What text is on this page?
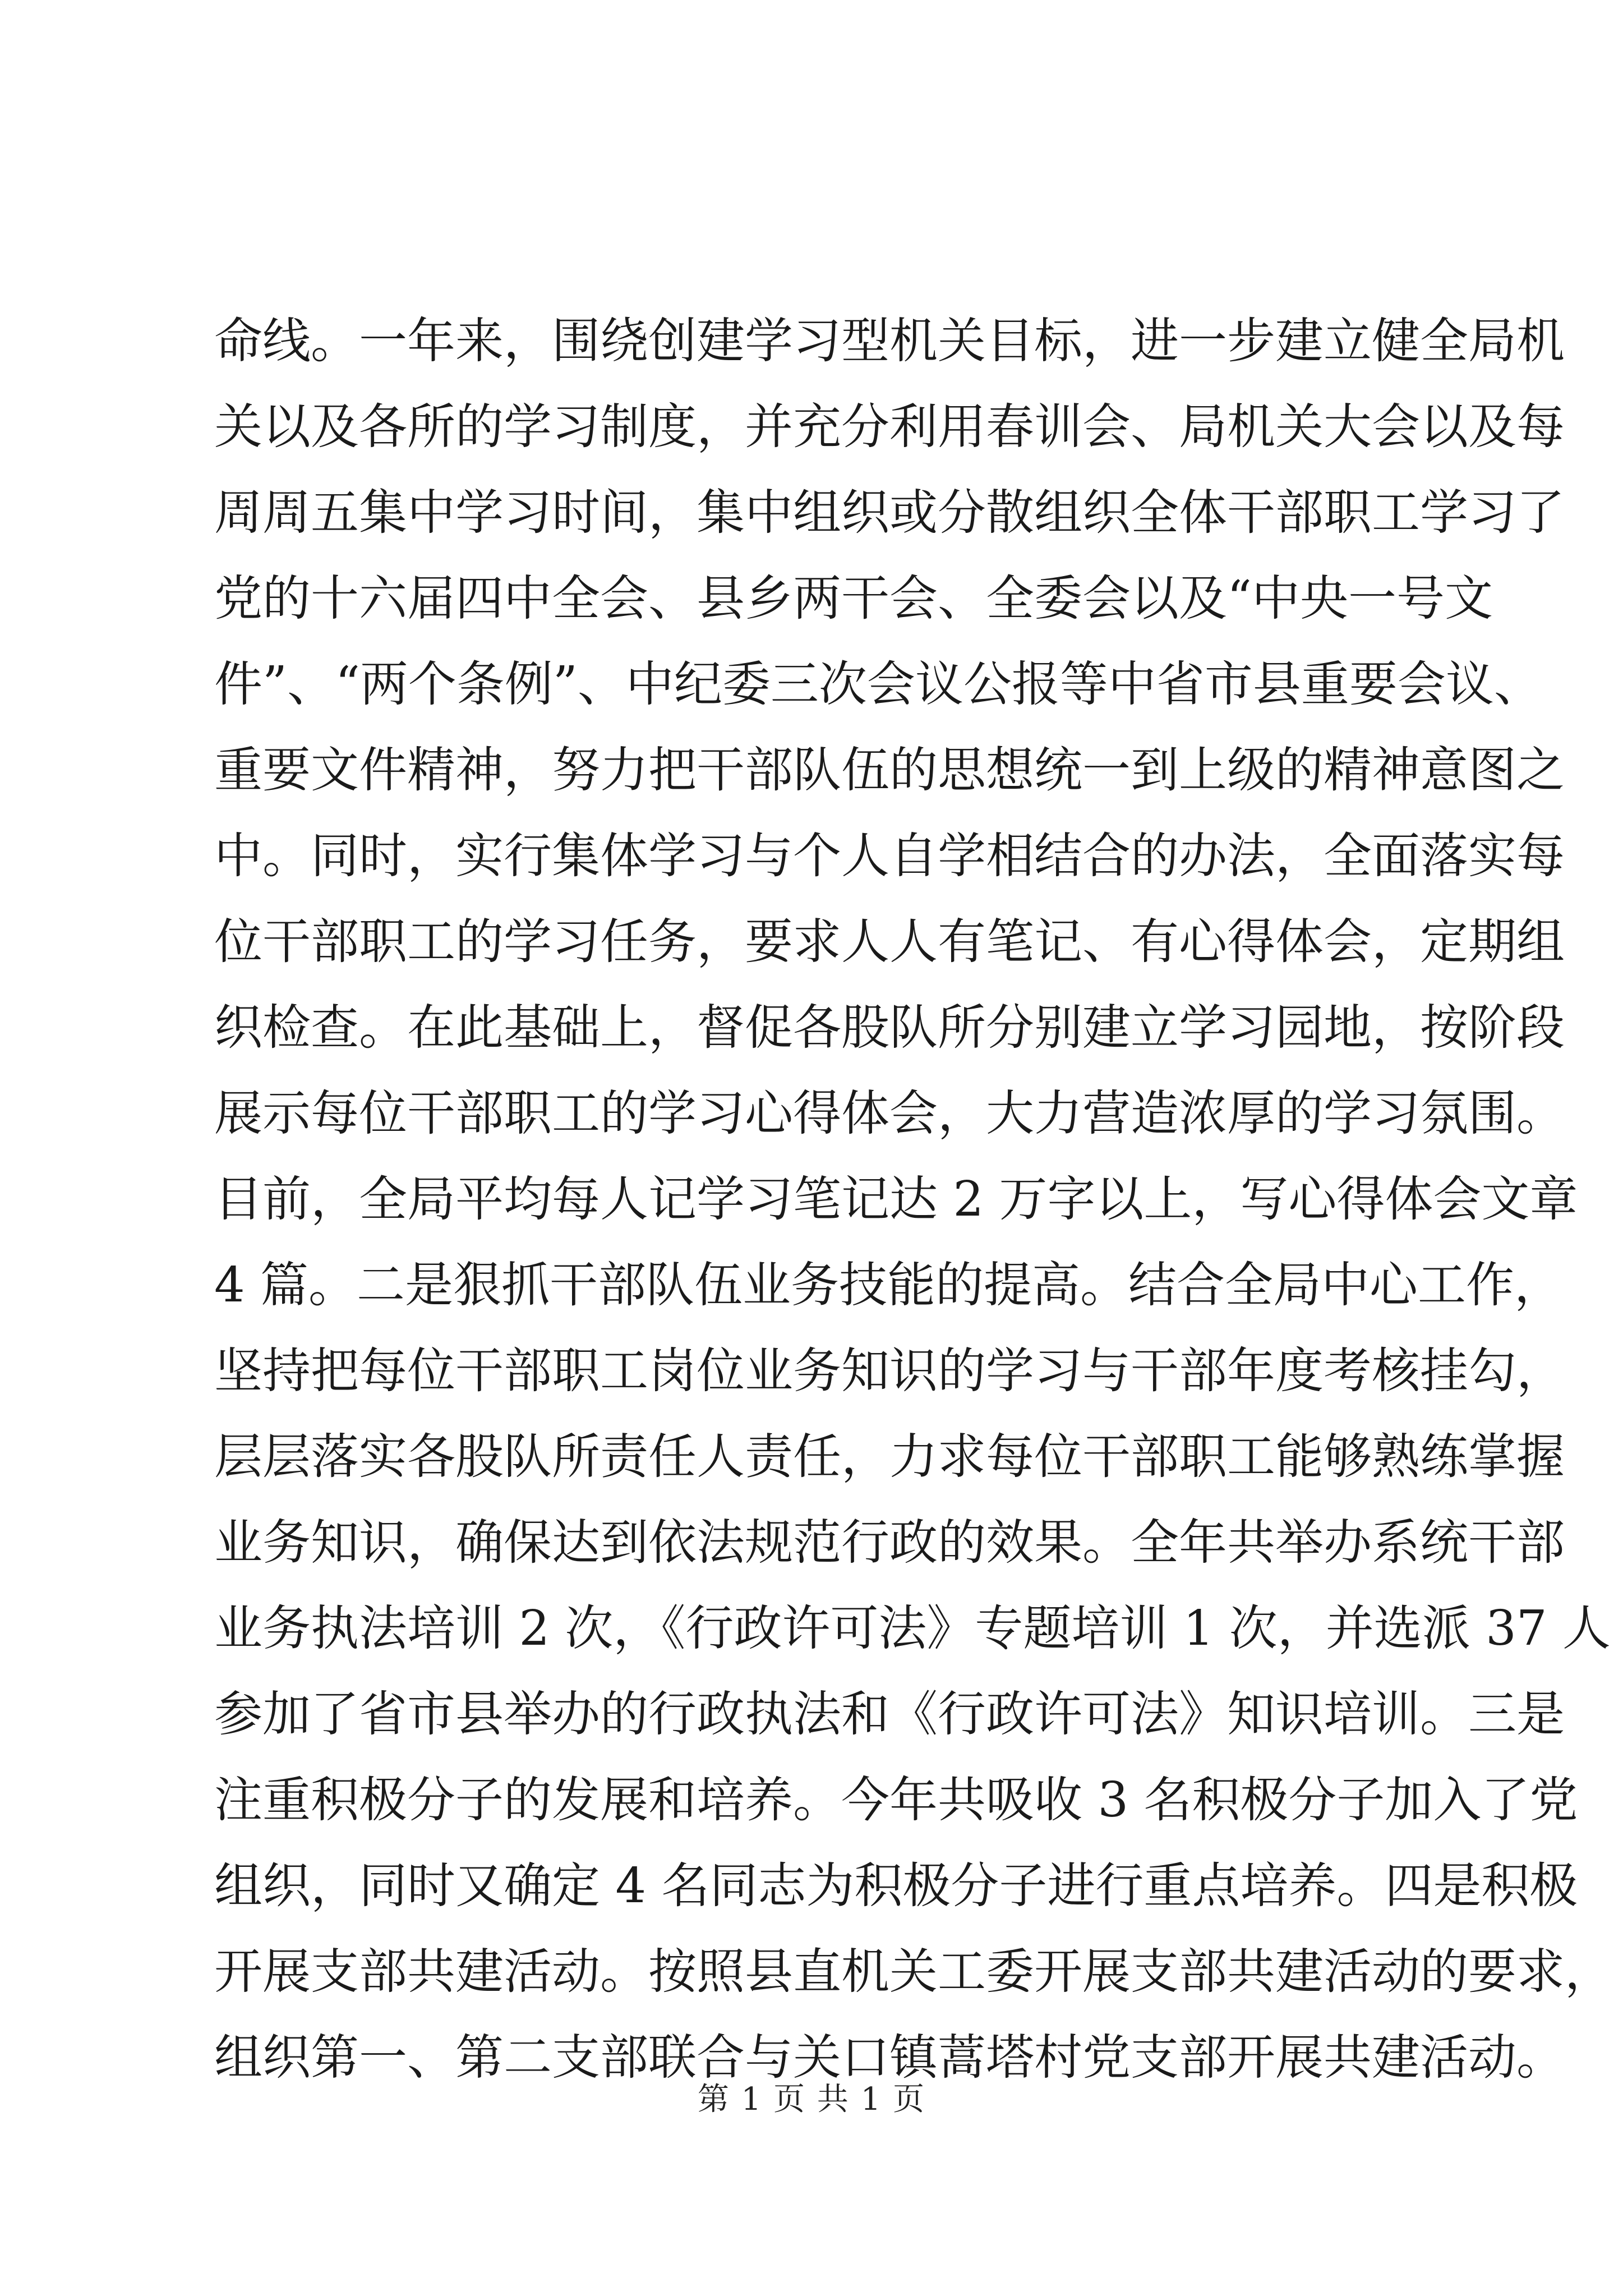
命线。一年来，围绕创建学习型机关目标，进一步建立健全局机
关以及各所的学习制度，并充分利用春训会、局机关大会以及每
周周五集中学习时间，集中组织或分散组织全体干部职工学习了
党的十六届四中全会、县乡两干会、全委会以及“中央一号文
件”、“两个条例”、中纪委三次会议公报等中省市县重要会议、
重要文件精神，努力把干部队伍的思想统一到上级的精神意图之
中。同时，实行集体学习与个人自学相结合的办法，全面落实每
位干部职工的学习任务，要求人人有笔记、有心得体会，定期组
织检查。在此基础上，督促各股队所分别建立学习园地，按阶段
展示每位干部职工的学习心得体会，大力营造浓厚的学习氛围。
目前，全局平均每人记学习笔记达 2 万字以上，写心得体会文章
4 篇。二是狠抓干部队伍业务技能的提高。结合全局中心工作，
坚持把每位干部职工岗位业务知识的学习与干部年度考核挂勾，
层层落实各股队所责任人责任，力求每位干部职工能够熟练掌握
业务知识，确保达到依法规范行政的效果。全年共举办系统干部
业务执法培训 2 次，《行政许可法》专题培训 1 次，并选派 37 人
参加了省市县举办的行政执法和《行政许可法》知识培训。三是
注重积极分子的发展和培养。今年共吸收 3 名积极分子加入了党
组织，同时又确定 4 名同志为积极分子进行重点培养。四是积极
开展支部共建活动。按照县直机关工委开展支部共建活动的要求，
组织第一、第二支部联合与关口镇蒿塔村党支部开展共建活动。
第 1 页 共 1 页
